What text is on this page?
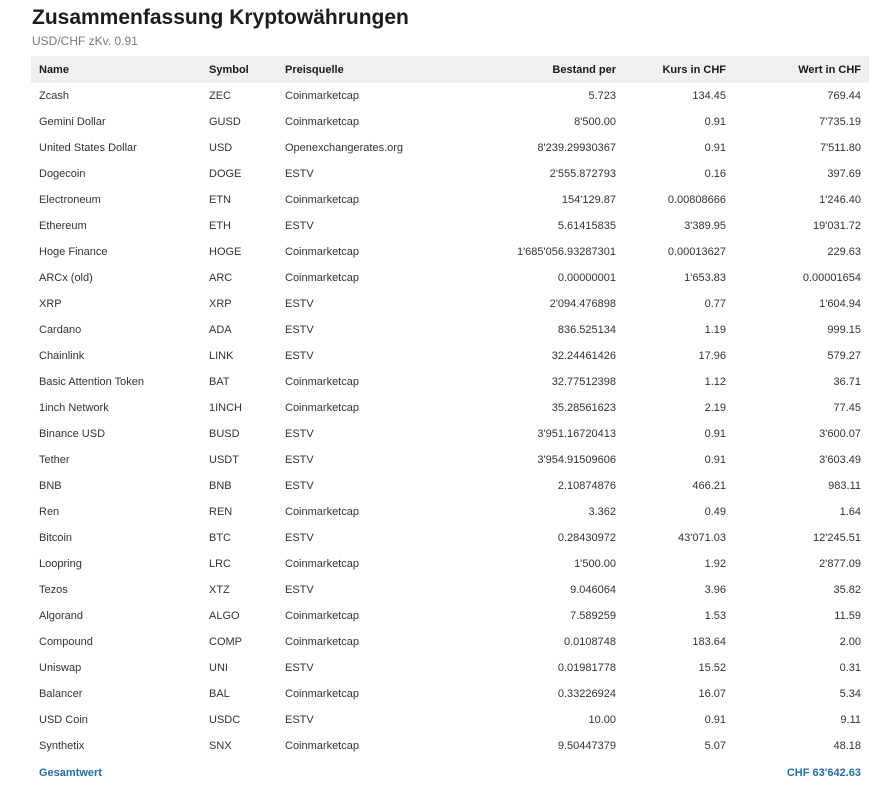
Zusammenfassung Kryptowährungen
USD/CHF zKv. 0.91
Name	Symbol	Preisquelle	Bestand per	Kurs in CHF	Wert in CHF
Zcash	ZEC	Coinmarketcap	5.723	134.45	769.44
Gemini Dollar	GUSD	Coinmarketcap	8'500.00	0.91	7'735.19
United States Dollar	USD	Openexchangerates.org	8'239.29930367	0.91	7'511.80
Dogecoin	DOGE	ESTV	2'555.872793	0.16	397.69
Electroneum	ETN	Coinmarketcap	154'129.87	0.00808666	1'246.40
Ethereum	ETH	ESTV	5.61415835	3'389.95	19'031.72
Hoge Finance	HOGE	Coinmarketcap	1'685'056.93287301	0.00013627	229.63
ARCx (old)	ARC	Coinmarketcap	0.00000001	1'653.83	0.00001654
XRP	XRP	ESTV	2'094.476898	0.77	1'604.94
Cardano	ADA	ESTV	836.525134	1.19	999.15
Chainlink	LINK	ESTV	32.24461426	17.96	579.27
Basic Attention Token	BAT	Coinmarketcap	32.77512398	1.12	36.71
1inch Network	1INCH	Coinmarketcap	35.28561623	2.19	77.45
Binance USD	BUSD	ESTV	3'951.16720413	0.91	3'600.07
Tether	USDT	ESTV	3'954.91509606	0.91	3'603.49
BNB	BNB	ESTV	2.10874876	466.21	983.11
Ren	REN	Coinmarketcap	3.362	0.49	1.64
Bitcoin	BTC	ESTV	0.28430972	43'071.03	12'245.51
Loopring	LRC	Coinmarketcap	1'500.00	1.92	2'877.09
Tezos	XTZ	ESTV	9.046064	3.96	35.82
Algorand	ALGO	Coinmarketcap	7.589259	1.53	11.59
Compound	COMP	Coinmarketcap	0.0108748	183.64	2.00
Uniswap	UNI	ESTV	0.01981778	15.52	0.31
Balancer	BAL	Coinmarketcap	0.33226924	16.07	5.34
USD Coin	USDC	ESTV	10.00	0.91	9.11
Synthetix	SNX	Coinmarketcap	9.50447379	5.07	48.18
Gesamtwert					CHF 63'642.63
